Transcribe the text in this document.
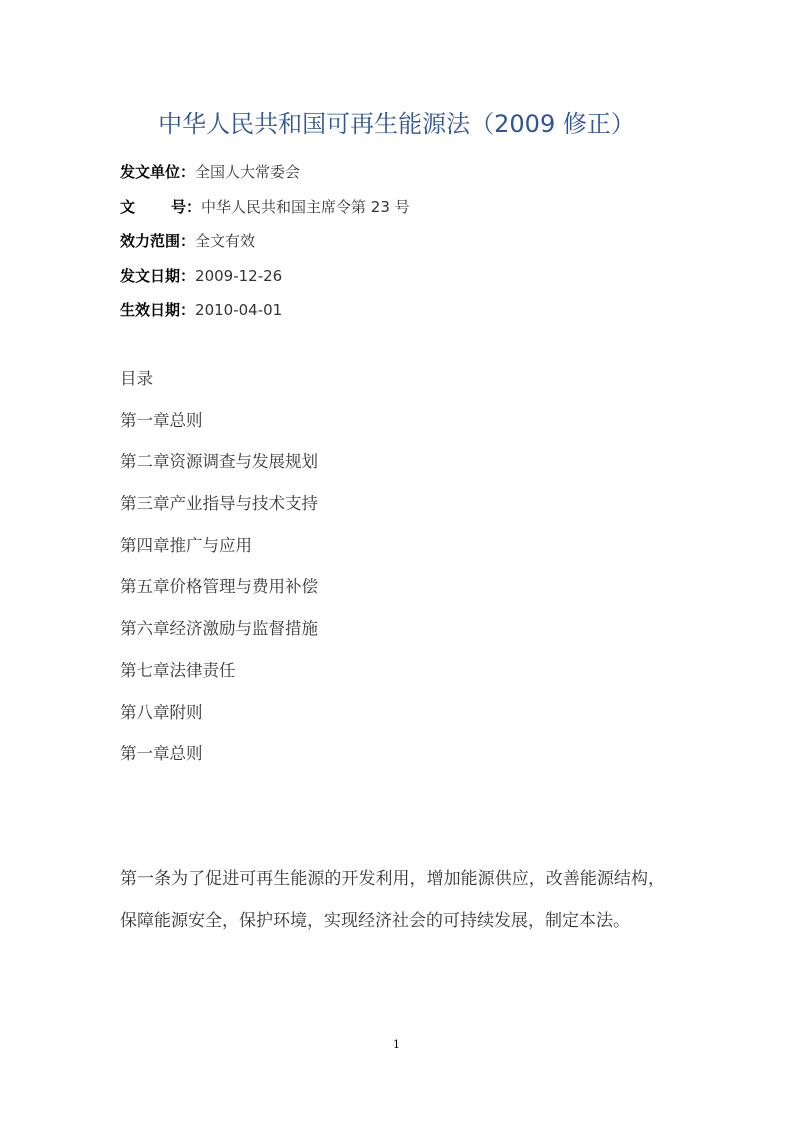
中华人民共和国可再生能源法（2009 修正）
发文单位：全国人大常委会
文 号 ：中华人民共和国主席令第 23 号
效力范围：全文有效
发文日期：2009-12-26
生效日期：2010-04-01
目录
第一章总则
第二章资源调查与发展规划
第三章产业指导与技术支持
第四章推广与应用
第五章价格管理与费用补偿
第六章经济激励与监督措施
第七章法律责任
第八章附则
第一章总则
第一条为了促进可再生能源的开发利用，增加能源供应，改善能源结构，保障能源安全，保护环境，实现经济社会的可持续发展，制定本法。
1
